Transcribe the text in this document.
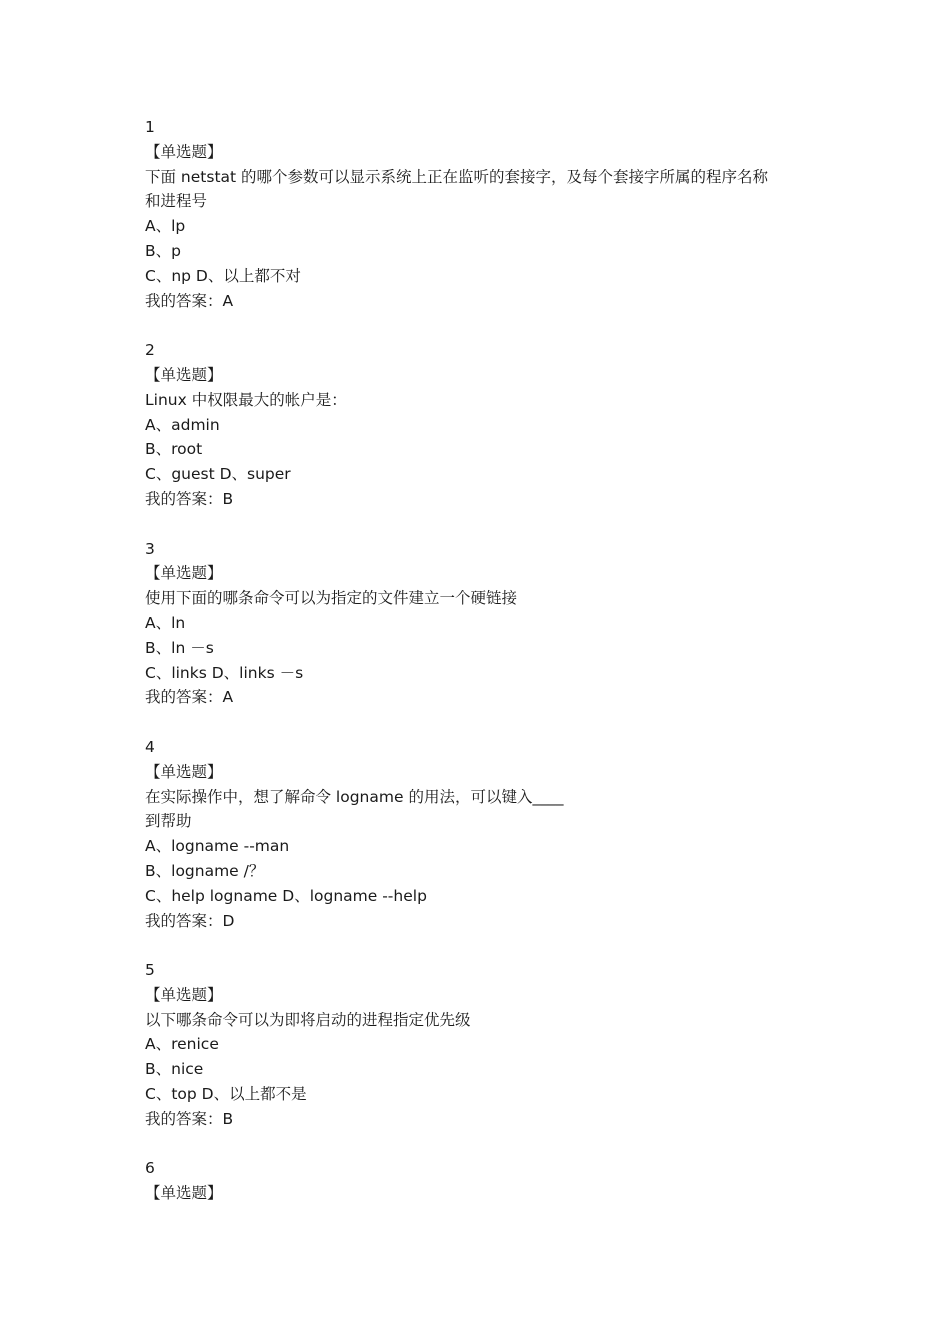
1
【单选题】
下面 netstat 的哪个参数可以显示系统上正在监听的套接字，及每个套接字所属的程序名称
和进程号
A、lp
B、p
C、np D、以上都不对
我的答案：A
2
【单选题】
Linux 中权限最大的帐户是：
A、admin
B、root
C、guest D、super
我的答案：B
3
【单选题】
使用下面的哪条命令可以为指定的文件建立一个硬链接
A、ln
B、ln －s
C、links D、links －s
我的答案：A
4
【单选题】
在实际操作中，想了解命令 logname 的用法，可以键入____
到帮助
A、logname --man
B、logname /？
C、help logname D、logname --help
我的答案：D
5
【单选题】
以下哪条命令可以为即将启动的进程指定优先级
A、renice
B、nice
C、top D、以上都不是
我的答案：B
6
【单选题】
